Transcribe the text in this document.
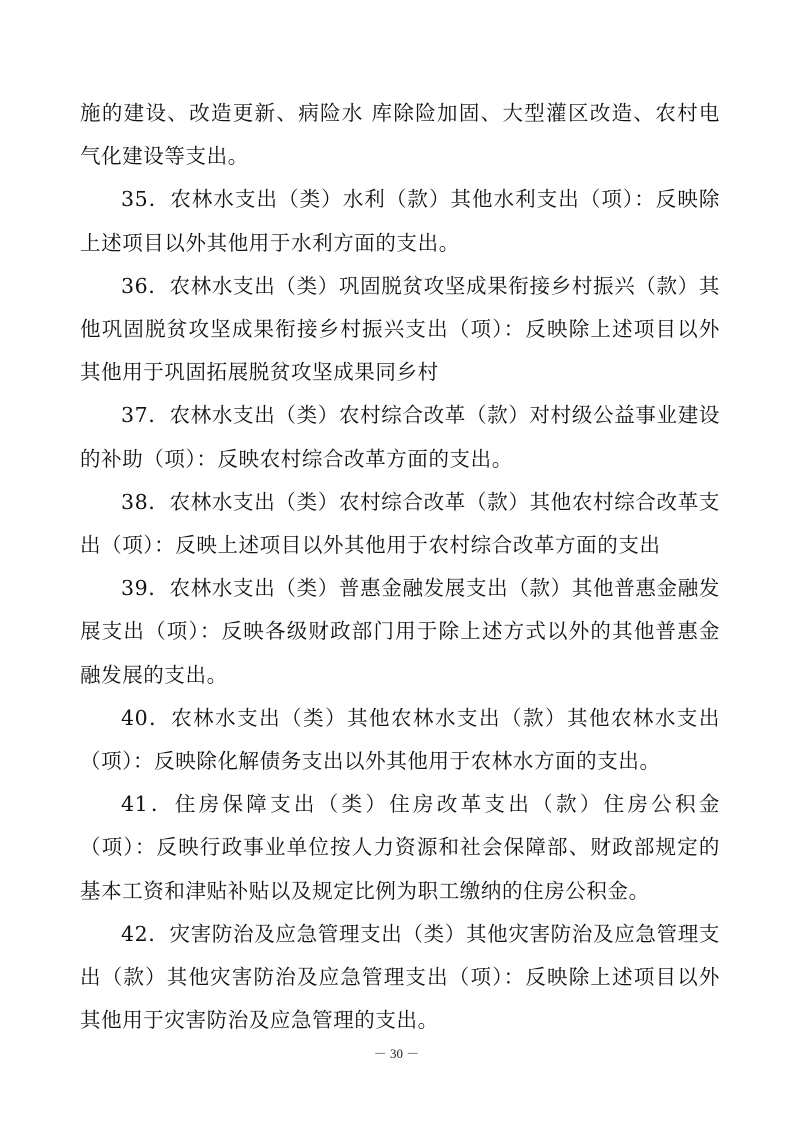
施的建设、改造更新、病险水 库除险加固、大型灌区改造、农村电气化建设等支出。

35．农林水支出（类）水利（款）其他水利支出（项）：反映除上述项目以外其他用于水利方面的支出。

36．农林水支出（类）巩固脱贫攻坚成果衔接乡村振兴（款）其他巩固脱贫攻坚成果衔接乡村振兴支出（项）：反映除上述项目以外其他用于巩固拓展脱贫攻坚成果同乡村

37．农林水支出（类）农村综合改革（款）对村级公益事业建设的补助（项）：反映农村综合改革方面的支出。

38．农林水支出（类）农村综合改革（款）其他农村综合改革支出（项）：反映上述项目以外其他用于农村综合改革方面的支出

39．农林水支出（类）普惠金融发展支出（款）其他普惠金融发展支出（项）：反映各级财政部门用于除上述方式以外的其他普惠金融发展的支出。

40．农林水支出（类）其他农林水支出（款）其他农林水支出（项）：反映除化解债务支出以外其他用于农林水方面的支出。

41．住房保障支出（类）住房改革支出（款）住房公积金（项）：反映行政事业单位按人力资源和社会保障部、财政部规定的 基本工资和津贴补贴以及规定比例为职工缴纳的住房公积金。

42．灾害防治及应急管理支出（类）其他灾害防治及应急管理支出（款）其他灾害防治及应急管理支出（项）：反映除上述项目以外其他用于灾害防治及应急管理的支出。

－ 30 －
